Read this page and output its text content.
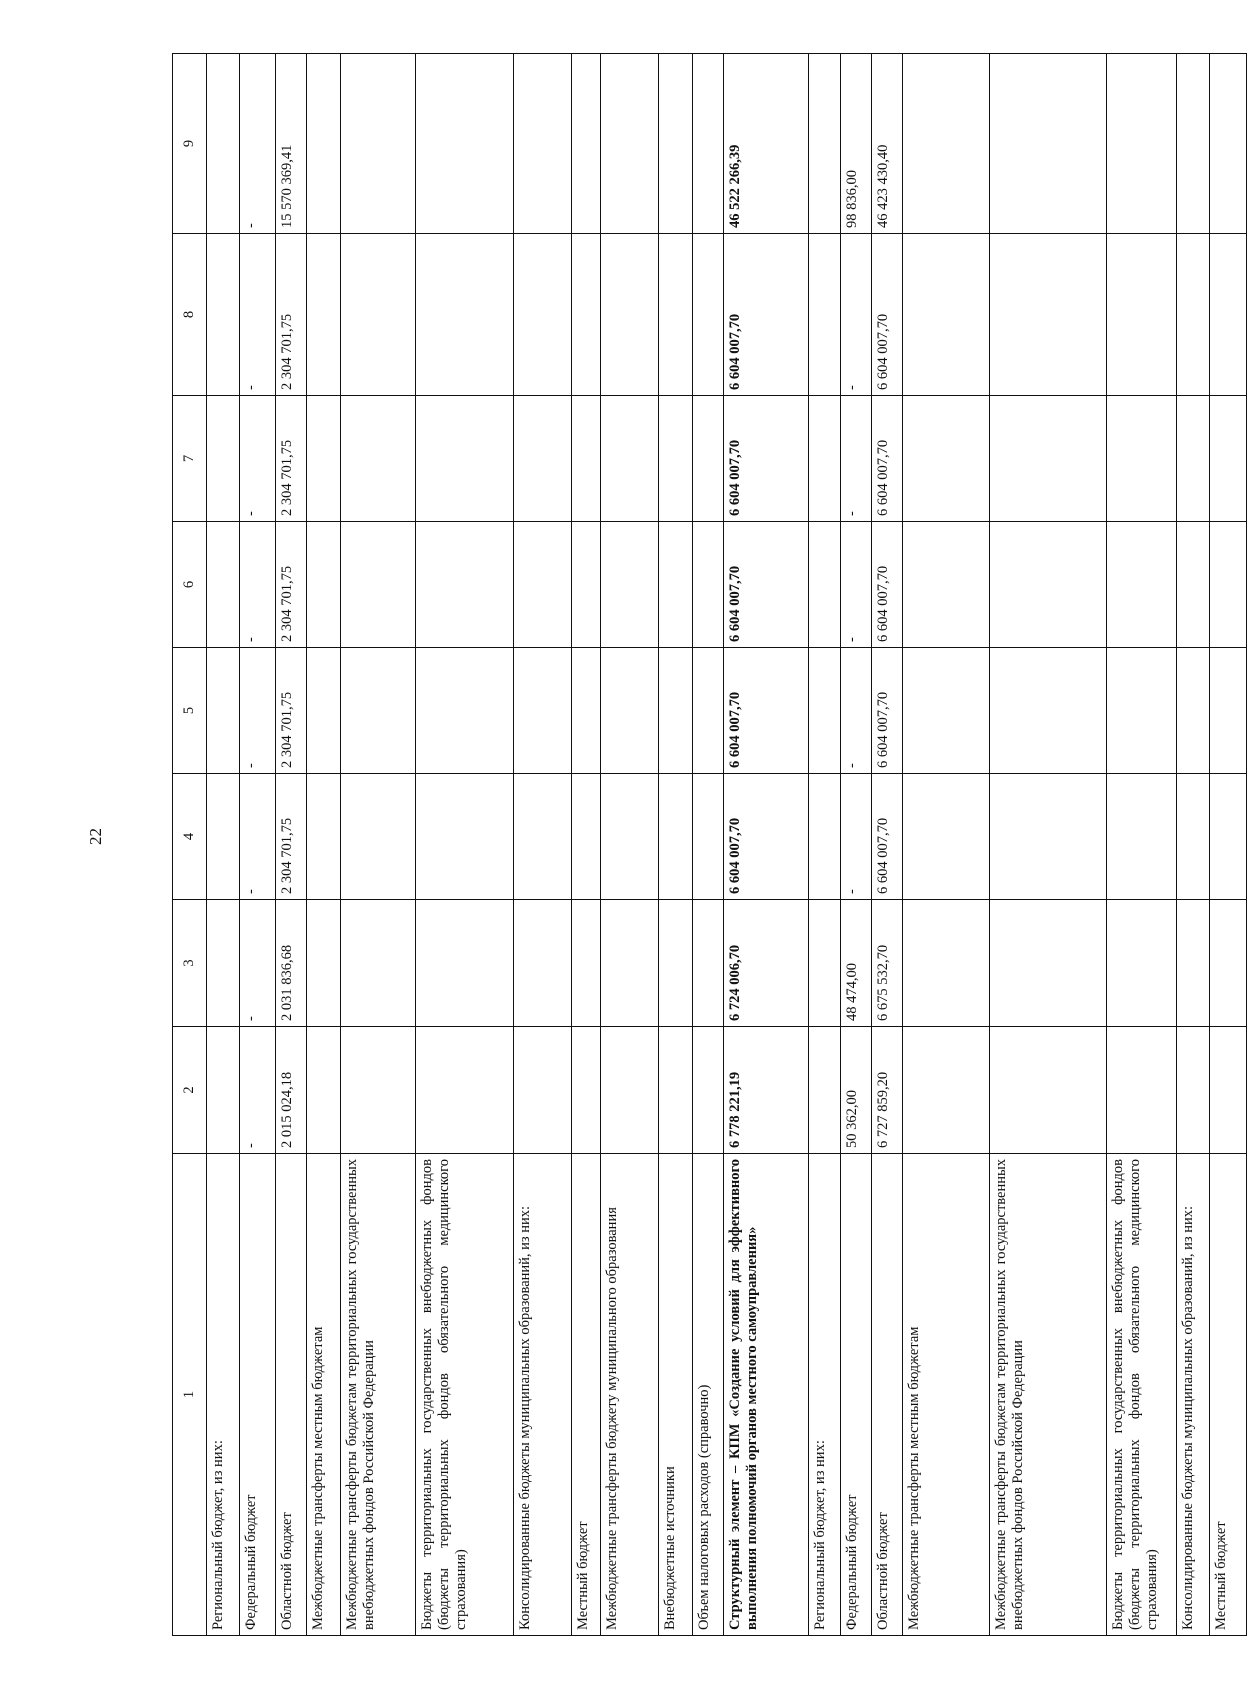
22
1	2	3	4	5	6	7	8	9
Региональный бюджет, из них:								
Федеральный бюджет	-	-	-	-	-	-	-	-
Областной бюджет	2 015 024,18	2 031 836,68	2 304 701,75	2 304 701,75	2 304 701,75	2 304 701,75	2 304 701,75	15 570 369,41
Межбюджетные трансферты местным бюджетам								
Межбюджетные трансферты бюджетам территориальных государственных внебюджетных фондов Российской Федерации								
Бюджеты территориальных государственных внебюджетных фондов (бюджеты территориальных фондов обязательного медицинского страхования)								
Консолидированные бюджеты муниципальных образований, из них:								
Местный бюджет								
Межбюджетные трансферты бюджету муниципального образования								
Внебюджетные источники								
Объем налоговых расходов (справочно)								
Структурный элемент – КПМ «Создание условий для эффективного выполнения полномочий органов местного самоуправления»	6 778 221,19	6 724 006,70	6 604 007,70	6 604 007,70	6 604 007,70	6 604 007,70	6 604 007,70	46 522 266,39
Региональный бюджет, из них:								
Федеральный бюджет	50 362,00	48 474,00	-	-	-	-	-	98 836,00
Областной бюджет	6 727 859,20	6 675 532,70	6 604 007,70	6 604 007,70	6 604 007,70	6 604 007,70	6 604 007,70	46 423 430,40
Межбюджетные трансферты местным бюджетам								
Межбюджетные трансферты бюджетам территориальных государственных внебюджетных фондов Российской Федерации								
Бюджеты территориальных государственных внебюджетных фондов (бюджеты территориальных фондов обязательного медицинского страхования)								
Консолидированные бюджеты муниципальных образований, из них:								
Местный бюджет								
